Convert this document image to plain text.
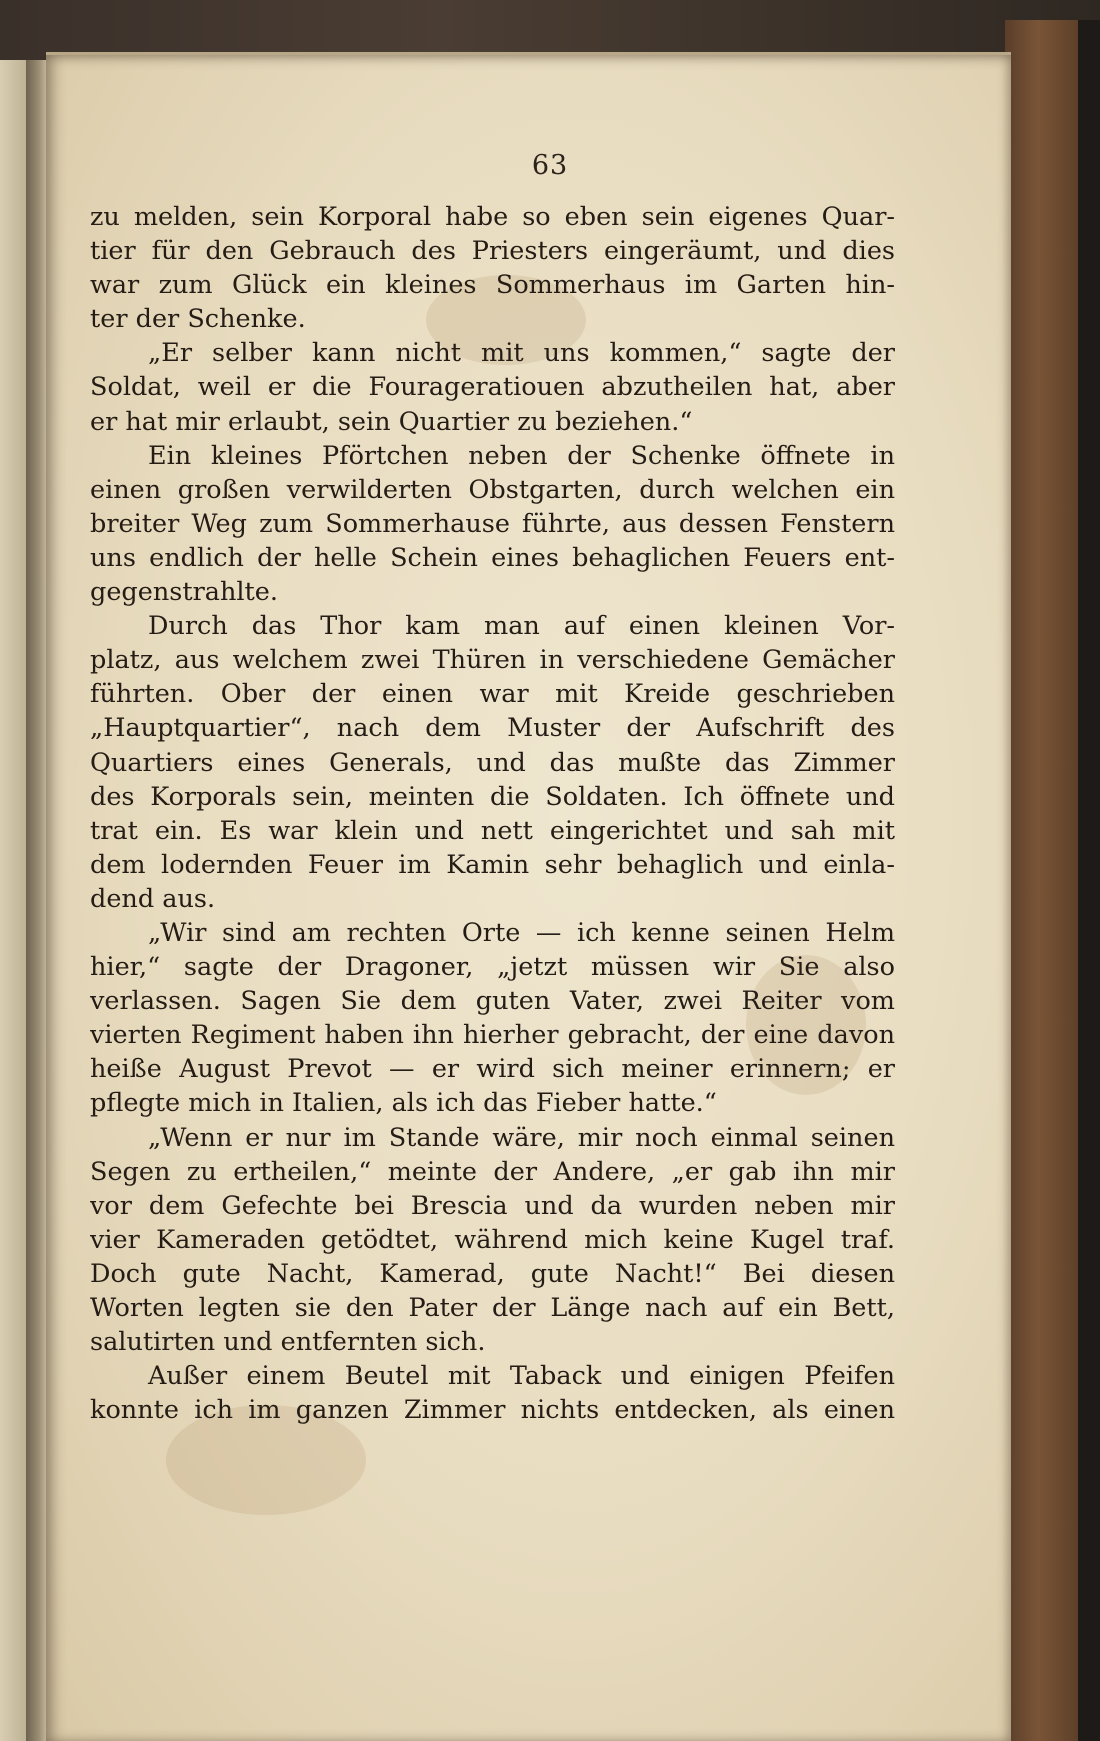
63
zu melden, sein Korporal habe so eben sein eigenes Quar-
tier für den Gebrauch des Priesters eingeräumt, und dies
war zum Glück ein kleines Sommerhaus im Garten hin-
ter der Schenke.
„Er selber kann nicht mit uns kommen,“ sagte der
Soldat, weil er die Fourageratiouen abzutheilen hat, aber
er hat mir erlaubt, sein Quartier zu beziehen.“
Ein kleines Pförtchen neben der Schenke öffnete in
einen großen verwilderten Obstgarten, durch welchen ein
breiter Weg zum Sommerhause führte, aus dessen Fenstern
uns endlich der helle Schein eines behaglichen Feuers ent-
gegenstrahlte.
Durch das Thor kam man auf einen kleinen Vor-
platz, aus welchem zwei Thüren in verschiedene Gemächer
führten. Ober der einen war mit Kreide geschrieben
„Hauptquartier“, nach dem Muster der Aufschrift des
Quartiers eines Generals, und das mußte das Zimmer
des Korporals sein, meinten die Soldaten. Ich öffnete und
trat ein. Es war klein und nett eingerichtet und sah mit
dem lodernden Feuer im Kamin sehr behaglich und einla-
dend aus.
„Wir sind am rechten Orte — ich kenne seinen Helm
hier,“ sagte der Dragoner, „jetzt müssen wir Sie also
verlassen. Sagen Sie dem guten Vater, zwei Reiter vom
vierten Regiment haben ihn hierher gebracht, der eine davon
heiße August Prevot — er wird sich meiner erinnern; er
pflegte mich in Italien, als ich das Fieber hatte.“
„Wenn er nur im Stande wäre, mir noch einmal seinen
Segen zu ertheilen,“ meinte der Andere, „er gab ihn mir
vor dem Gefechte bei Brescia und da wurden neben mir
vier Kameraden getödtet, während mich keine Kugel traf.
Doch gute Nacht, Kamerad, gute Nacht!“ Bei diesen
Worten legten sie den Pater der Länge nach auf ein Bett,
salutirten und entfernten sich.
Außer einem Beutel mit Taback und einigen Pfeifen
konnte ich im ganzen Zimmer nichts entdecken, als einen
